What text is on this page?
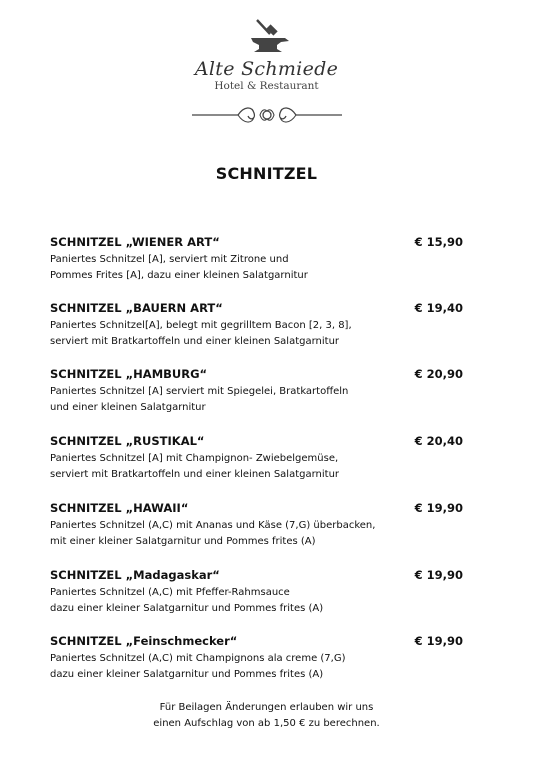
Alte Schmiede
Hotel & Restaurant
SCHNITZEL
SCHNITZEL „WIENER ART“	€ 15,90
Paniertes Schnitzel [A], serviert mit Zitrone und
Pommes Frites [A], dazu einer kleinen Salatgarnitur
SCHNITZEL „BAUERN ART“	€ 19,40
Paniertes Schnitzel[A], belegt mit gegrilltem Bacon [2, 3, 8],
serviert mit Bratkartoffeln und einer kleinen Salatgarnitur
SCHNITZEL „HAMBURG“	€ 20,90
Paniertes Schnitzel [A] serviert mit Spiegelei, Bratkartoffeln
und einer kleinen Salatgarnitur
SCHNITZEL „RUSTIKAL“	€ 20,40
Paniertes Schnitzel [A] mit Champignon- Zwiebelgemüse,
serviert mit Bratkartoffeln und einer kleinen Salatgarnitur
SCHNITZEL „HAWAII“	€ 19,90
Paniertes Schnitzel (A,C) mit Ananas und Käse (7,G) überbacken,
mit einer kleiner Salatgarnitur und Pommes frites (A)
SCHNITZEL „Madagaskar“	€ 19,90
Paniertes Schnitzel (A,C) mit Pfeffer-Rahmsauce
dazu einer kleiner Salatgarnitur und Pommes frites (A)
SCHNITZEL „Feinschmecker“	€ 19,90
Paniertes Schnitzel (A,C) mit Champignons ala creme (7,G)
dazu einer kleiner Salatgarnitur und Pommes frites (A)
Für Beilagen Änderungen erlauben wir uns
einen Aufschlag von ab 1,50 € zu berechnen.
